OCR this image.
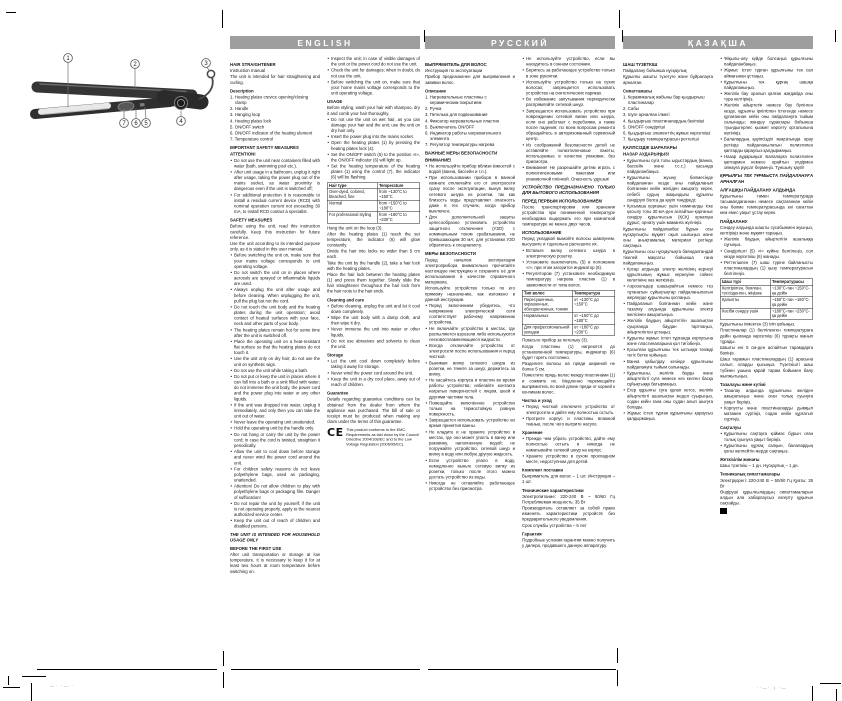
1
2	3
7 6 5	4
ENGLISH
HAIR STRAIGHTENER
Instruction manual
The unit is intended for hair straightening and curling.
Description
1. Heating plates crevice opening/closing clamp
2. Handle
3. Hanging loop
4. Heating plates lock
5. ON/OFF switch
6. ON/OFF indicator of the heating element
7. Temperature control
IMPORTANT SAFETY MEASURES
ATTENTION!
• Do not use the unit near containers filled with water (bath, swimming pool etc.).
• After unit usage in a bathroom, unplug it right after usage, taking the power plug out of the mains socket, as water proximity is dangerous even if the unit is switched off;
• For additional protection it is reasonable to install a residual current device (RCD) with nominal operation current not exceeding 30 mA, to install RCD contact a specialist.
SAFETY MEASURES
Before using the unit, read this instruction carefully. Keep this instruction for future reference.
Use the unit according to its intended purpose only, as it is stated in this user manual.
• Before switching the unit on, make sure that your mains voltage corresponds to unit operating voltage.
• Do not switch the unit on in places where aerosols are sprayed or inflammable liquids are used.
• Always unplug the unit after usage and before cleaning. When unplugging the unit, pull the plug but not the cord.
• Do not touch the unit body and the heating plates during the unit operation; avoid contact of heated surfaces with your face, neck and other parts of your body.
• The heating plates remain hot for some time after the unit is switched off.
• Place the operating unit on a heat-resistant flat surface so that the heating plates do not touch it.
• Use the unit only on dry hair; do not use the unit on synthetic wigs.
• Do not use the unit while taking a bath.
• Do not put or keep the unit in places where it can fall into a bath or a sink filled with water; do not immerse the unit body, the power cord and the power plug into water or any other liquids.
• If the unit was dropped into water, unplug it immediately, and only then you can take the unit out of water.
• Never leave the operating unit unattended.
• Hold the operating unit by the handle only.
• Do not hang or carry the unit by the power cord; in case the cord is twisted, straighten it periodically.
• Allow the unit to cool down before storage and never wind the power cord around the unit.
• For children safety reasons do not leave polyethylene bags, used as packaging, unattended.
• Attention! Do not allow children to play with polyethylene bags or packaging film. Danger of suffocation!
• Do not repair the unit by yourself; if the unit is not operating properly, apply to the nearest authorized service center.
• Keep the unit out of reach of children and disabled persons.
THE UNIT IS INTENDED FOR HOUSEHOLD USAGE ONLY
BEFORE THE FIRST USE
After unit transportation or storage at low temperature, it is necessary to keep it for at least two hours at room temperature before switching on.
• Inspect the unit; in case of visible damages of the unit or the power cord do not use the unit.
• Check the unit for damages; when in doubt, do not use the unit.
• Before switching the unit on, make sure that your home mains voltage corresponds to the unit operating voltage.
USAGE
Before styling, wash your hair with shampoo, dry it and comb your hair thoroughly.
• Do not use the unit on wet hair, as you can damage your hair and the unit; use the unit on dry hair only.
• Insert the power plug into the mains socket.
• Open the heating plates (1) by pressing the heating plates lock (4).
• Set the ON/OFF switch (5) to the position «I», the ON/OFF indicator (6) will light up.
• Set the heating temperature of the heating plates (1) using the control (7), the indicator (6) will be flashing.
Hair type	Temperature
Over-dyed, colored, bleached, fine	from ~130°C to ~150°C
Normal	from ~150°C to ~180°C
For professional styling	from ~180°C to ~230°C
Hang the unit on the loop (3).
After the heating plates (1) reach the set temperature, the indicator (6) will glow constantly.
Divide the hair into locks no wider than 5 cm each.
Take the unit by the handle (2), take a hair lock with the heating plates.
Place the hair lock between the heating plates (1) and press them together. Slowly slide the hair straightener throughout the hair lock from the hair roots to the hair ends.
Cleaning and care
• Before cleaning, unplug the unit and let it cool down completely.
• Wipe the unit body with a damp cloth, and then wipe it dry.
• Never immerse the unit into water or other liquids.
• Do not use abrasives and solvents to clean the unit.
Storage
• Let the unit cool down completely before taking it away for storage.
• Never wind the power cord around the unit.
• Keep the unit in a dry cool place, away out of reach of children.
Guarantee
Details regarding guarantee conditions can be obtained from the dealer from whom the appliance was purchased. The bill of sale or receipt must be produced when making any claim under the terms of this guarantee.
CE This product conforms to the EMC-Requirements as laid down by the Council Directive 2004/108/ЕС and to the Low Voltage Regulation (2006/95/ЕС).
РУССКИЙ
ВЫПРЯМИТЕЛЬ ДЛЯ ВОЛОС
Инструкция по эксплуатации
Прибор предназначен для выпрямления и завивки волос.
Описание
1. Нагревательные пластины с керамическим покрытием
2. Ручка
3. Петелька для подвешивания
4. Фиксатор нагревательных пластин
5. Выключатель ON/OFF
6. Индикатор работы нагревательного элемента
7. Регулятор температуры нагрева
ВАЖНЫЕ МЕРЫ БЕЗОПАСНОСТИ
ВНИМАНИЕ!
• Не используйте прибор вблизи ёмкостей с водой (ванна, бассейн и т.п.).
• При использовании прибора в ванной комнате отключайте его от электросети сразу после эксплуатации, вынув вилку сетевого шнура из розетки, так как близость воды представляет опасность даже в тех случаях, когда прибор выключен;
• Для дополнительной защиты целесообразно установить устройство защитного отключения (УЗО) с номинальным током срабатывания, не превышающим 30 мА; для установки УЗО обратитесь к специалисту.
МЕРЫ БЕЗОПАСНОСТИ
Перед началом эксплуатации электроприбора внимательно прочитайте настоящую инструкцию и сохраните её для использования в качестве справочного материала.
Используйте устройство только по его прямому назначению, как изложено в данной инструкции.
• Перед включением убедитесь, что напряжение электрической сети соответствует рабочему напряжению устройства.
• Не включайте устройство в местах, где распыляются аэрозоли либо используются легковоспламеняющиеся жидкости.
• Всегда отключайте устройство от электросети после использования и перед чисткой.
• Вынимая вилку сетевого шнура из розетки, не тяните за шнур, держитесь за вилку.
• Не касайтесь корпуса и пластин во время работы устройства; избегайте контакта нагретых поверхностей с лицом, шеей и другими частями тела.
• Помещайте включённое устройство только на термостойкую ровную поверхность.
• Запрещается использовать устройство во время принятия ванны.
• Не кладите и не храните устройство в местах, где оно может упасть в ванну или раковину, наполненную водой; не погружайте устройство, сетевой шнур и вилку в воду или любую другую жидкость.
• Если устройство упало в воду, немедленно выньте сетевую вилку из розетки, только после этого можно достать устройство из воды.
• Никогда не оставляйте работающее устройство без присмотра.
• Не используйте устройство, если вы находитесь в сонном состоянии.
• Беритесь за работающее устройство только в зоне рукоятки.
• Используйте устройство только на сухих волосах; запрещается использовать устройство на синтетических париках.
• Во избежание запутывания периодически распрямляйте сетевой шнур.
• Запрещается использовать устройство при повреждении сетевой вилки или шнура, если оно работает с перебоями, а также после падения; по всем вопросам ремонта обращайтесь в авторизованный сервисный центр.
• Из соображений безопасности детей не оставляйте полиэтиленовые пакеты, используемые в качестве упаковки, без присмотра.
• Внимание! Не разрешайте детям играть с полиэтиленовыми пакетами или упаковочной плёнкой. Опасность удушья!
УСТРОЙСТВО ПРЕДНАЗНАЧЕНО ТОЛЬКО ДЛЯ БЫТОВОГО ИСПОЛЬЗОВАНИЯ
ПЕРЕД ПЕРВЫМ ИСПОЛЬЗОВАНИЕМ
После транспортировки или хранения устройства при пониженной температуре необходимо выдержать его при комнатной температуре не менее двух часов.
ИСПОЛЬЗОВАНИЕ
Перед укладкой вымойте волосы шампунем, высушите и тщательно расчешите их.
• Вставьте вилку сетевого шнура в электрическую розетку.
• Установите выключатель (5) в положение «I», при этом загорится индикатор (6).
• Регулятором (7) установите необходимую температуру нагрева пластин (1) в зависимости от типа волос.
Тип волос	Температура
Пересушенных, окрашенных, обесцвеченных, тонких	от ~130°С до ~150°С
Нормальных	от ~150°С до ~180°С
Для профессиональной укладки	от ~180°С до ~230°С
Повесьте прибор за петельку (3).
Когда пластины (1) нагреются до установленной температуры, индикатор (6) будет гореть постоянно.
Разделите волосы на пряди шириной не более 5 см.
Поместите прядь волос между пластинами (1) и сожмите их. Медленно перемещайте выпрямитель по всей длине пряди от корней к кончикам волос.
Чистка и уход
• Перед чисткой отключите устройство от электросети и дайте ему полностью остыть.
• Протрите корпус и пластины влажной тканью, после чего вытрите насухо.
Хранение
• Прежде чем убрать устройство, дайте ему полностью остыть и никогда не наматывайте сетевой шнур на корпус.
• Храните устройство в сухом прохладном месте, недоступном для детей.
Комплект поставки
Выпрямитель для волос – 1 шт. Инструкция – 1 шт.
Технические характеристики
Электропитание: 220-240 В ~ 50/60 Гц Потребляемая мощность: 35 Вт
Производитель оставляет за собой право изменять характеристики устройств без предварительного уведомления.
Срок службы устройства – 5 лет
Гарантия
Подробные условия гарантии можно получить у дилера, продавшего данную аппаратуру.
ҚАЗАҚША
ШАШ ТҮЗЕТКІШ
Пайдалану бойынша нұсқаулық
Құрылғы шашты түзетуге және бұйралауға арналған.
Сипаттамасы
1. Керамикалық жабыны бар қыздырғыш пластиналар
2. Сабы
3. Ілуге арналған ілмегі
4. Қыздырғыш пластиналардың бекіткіші
5. ON/OFF сөндіргіші
6. Қыздырғыш элементтің жұмыс көрсеткіші
7. Қыздыру температурасын реттегіші
ҚАУІПСІЗДІК ШАРАЛАРЫ
НАЗАР АУДАРЫҢЫЗ!
• Құрылғыны суға толы ыдыстардың (ванна, бассейн және т.с.с.) қасында пайдаланбаңыз.
• Құрылғыны жуыну бөлмесінде пайдаланған кезде оны пайдаланып болғаннан кейін желіден ажырату керек, себебі судың жақындығы құрылғы сөндірулі болса да қауіп төндіреді;
• Қосымша қорғаныс үшін номиналды іске қосылу тогы 30 мА-ден аспайтын қорғаныс сөндіру құрылғысын (ҚСҚ) орнатқан дұрыс; орнату үшін маманға жүгініңіз.
Құрылғыны пайдаланбас бұрын осы нұсқаулықты мұқият оқып шығыңыз және оны анықтамалық материал ретінде сақтаңыз.
Құрылғыны осы нұсқаулықта баяндалғандай тікелей мақсаты бойынша ғана пайдаланыңыз.
• Қосар алдында электр желісінің кернеуі құрылғының жұмыс кернеуіне сәйкес келетініне көз жеткізіңіз.
• Аэрозольдер шашырайтын немесе тез тұтанатын сұйықтықтар пайдаланылатын жерлерде құрылғыны қоспаңыз.
• Пайдаланып болғаннан кейін және тазалау алдында құрылғыны электр желісінен ажыратыңыз.
• Желілік баудың айыртетігін ашалықтан суырғанда баудан тартпаңыз, айыртетіктен ұстаңыз.
• Құрылғы жұмыс істеп тұрғанда корпусына және пластиналарына қол тигізбеңіз.
• Қосылған құрылғыны тек ыстыққа төзімді тегіс бетке қойыңыз.
• Ванна қабылдау кезінде құрылғыны пайдалануға тыйым салынады.
• Құрылғыны, желілік бауды және айыртетікті суға немесе кез келген басқа сұйықтыққа батырмаңыз.
• Егер құрылғы суға құлап кетсе, желілік айыртетікті ашалықтан жедел суырыңыз, содан кейін ғана оны судан алып шығуға болады.
• Жұмыс істеп тұрған құрылғыны қараусыз қалдырмаңыз.
• Ұйқылы-ояу күйде болсаңыз құрылғыны пайдаланбаңыз.
• Жұмыс істеп тұрған құрылғыны тек сап аймағынан ұстаңыз.
• Құрылғыны тек құрғақ шашқа пайдаланыңыз.
• Желілік бау оралып қалған жағдайда оны тура келтіріңіз.
• Желілік айыртетік немесе бау бүлінген кезде, құрылғы іркіліспен істегенде немесе құлағаннан кейін оны пайдалануға тыйым салынады; жөндеу сұрақтары бойынша туындыгерлес қызмет көрсету орталығына жүгініңіз.
• Балалардың қауіпсіздігі мақсатында орау ретінде пайдаланылатын полиэтилен қаптарды қараусыз қалдырмаңыз.
• Назар аударыңыз! Балаларға полиэтилен қаптармен немесе орайтын үлдірмен ойнауға рұқсат бермеңіз. Тұншығу қаупі!
ҚҰРЫЛҒЫ ТЕК ТҰРМЫСТА ПАЙДАЛАНУҒА АРНАЛҒАН
АЛҒАШҚЫ ПАЙДАЛАНУ АЛДЫНДА
Құрылғыны төмен температурада тасымалдағаннан немесе сақтағаннан кейін оны бөлме температурасында екі сағаттан кем емес уақыт ұстау керек.
ПАЙДАЛАНУ
Сәндеу алдында шашты сусабынмен жуыңыз, кептіріңіз және мұқият тараңыз.
• Желілік баудың айыртетігін ашалыққа сұғыңыз.
• Сөндіргішті (5) «I» күйіне белгілеңіз, сол кезде көрсеткіш (6) жанады.
• Реттегішпен (7) шаш түріне байланысты пластиналардың (1) қызу температурасын белгілеңіз.
Шаш түрі	Температурасы
Кептірілген, боялған, түссізденген, жіңішке	~130°С-тан ~150°С-қа дейін
Қалыпты	~150°С-тан ~180°С-қа дейін
Кәсіби сәндеу үшін	~180°С-тан ~230°С-қа дейін
Құрылғыны ілмектен (3) іліп қойыңыз.
Пластиналар (1) белгіленген температураға дейін қызғанда көрсеткіш (6) тұрақты жанып тұрады.
Шашты ені 5 см-ден аспайтын тарамдарға бөліңіз.
Шаш тарамын пластиналардың (1) арасына салып, оларды қысыңыз. Түзеткішті шаш түбінен ұшына қарай тарам бойымен баяу жылжытыңыз.
Тазалауы және күтімі
• Тазалау алдында құрылғыны желіден ажыратыңыз және оған толық суынуға уақыт беріңіз.
• Корпусты және пластиналарды дымқыл матамен сүртіңіз, содан кейін құрғатып сүртіңіз.
Сақталуы
• Құрылғыны сақтауға қоймас бұрын оған толық суынуға уақыт беріңіз.
• Құрылғыны құрғақ салқын, балалардың қолы жетпейтін жерде сақтаңыз.
Жеткізілім жинағы
Шаш түзеткіш – 1 дн. Нұсқаулық – 1 дн.
Техникалық сипаттамалары
Электрқорегі: 220-240 В ~ 50/60 Гц Қуаты: 35 Вт
Өндіруші құрылғылардың сипаттамаларын алдын ала хабарлаусыз өзгерту құқығын сақтайды.
—· ·—··	··—· | ·—
